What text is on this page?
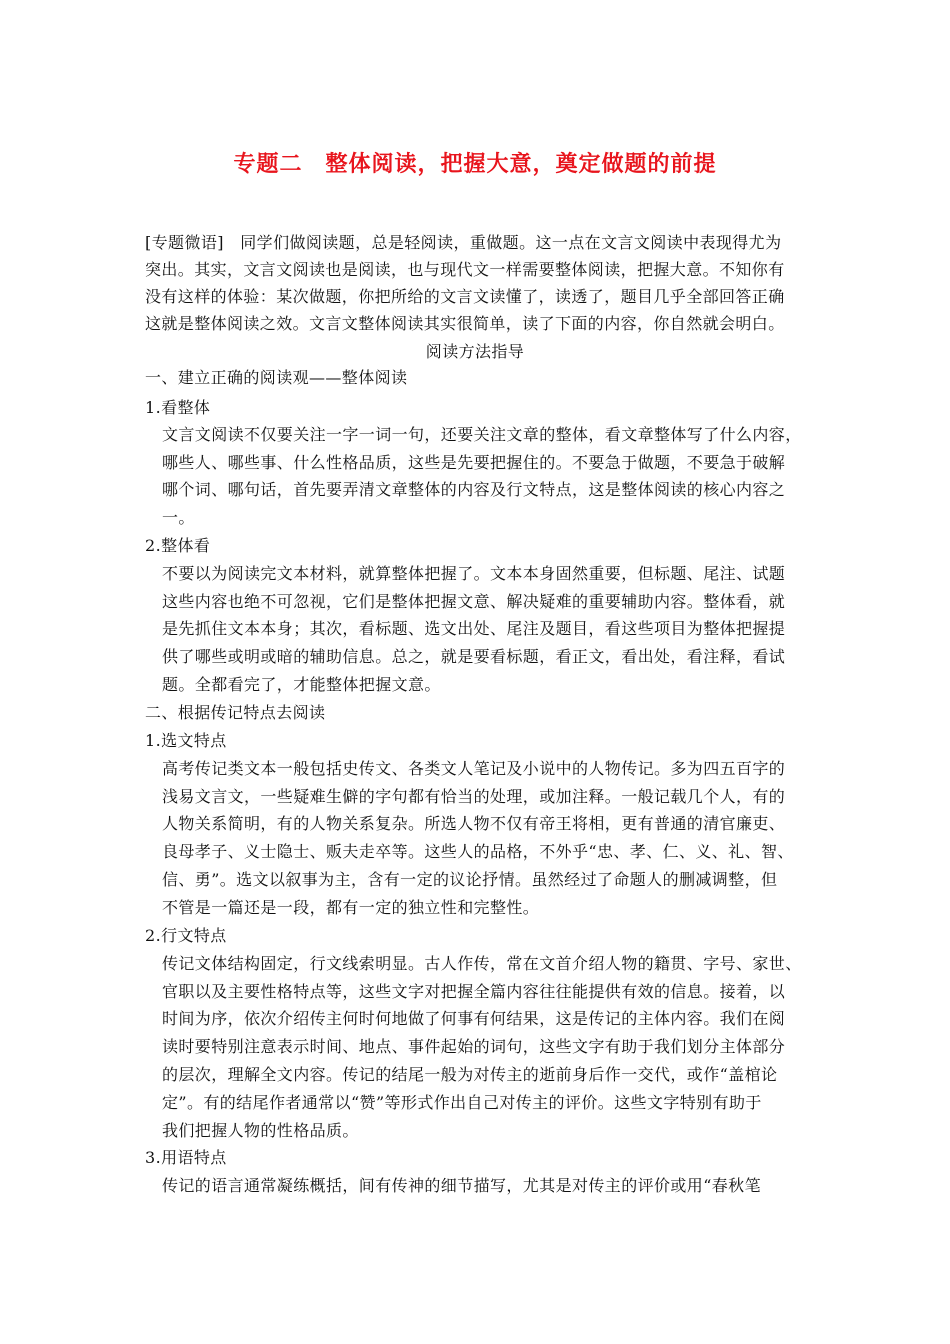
专题二　整体阅读，把握大意，奠定做题的前提
[专题微语]　同学们做阅读题，总是轻阅读，重做题。这一点在文言文阅读中表现得尤为
突出。其实，文言文阅读也是阅读，也与现代文一样需要整体阅读，把握大意。不知你有
没有这样的体验：某次做题，你把所给的文言文读懂了，读透了，题目几乎全部回答正确
这就是整体阅读之效。文言文整体阅读其实很简单，读了下面的内容，你自然就会明白。
阅读方法指导
一、建立正确的阅读观——整体阅读
1.看整体
文言文阅读不仅要关注一字一词一句，还要关注文章的整体，看文章整体写了什么内容，
哪些人、哪些事、什么性格品质，这些是先要把握住的。不要急于做题，不要急于破解
哪个词、哪句话，首先要弄清文章整体的内容及行文特点，这是整体阅读的核心内容之
一。
2.整体看
不要以为阅读完文本材料，就算整体把握了。文本本身固然重要，但标题、尾注、试题
这些内容也绝不可忽视，它们是整体把握文意、解决疑难的重要辅助内容。整体看，就
是先抓住文本本身；其次，看标题、选文出处、尾注及题目，看这些项目为整体把握提
供了哪些或明或暗的辅助信息。总之，就是要看标题，看正文，看出处，看注释，看试
题。全都看完了，才能整体把握文意。
二、根据传记特点去阅读
1.选文特点
高考传记类文本一般包括史传文、各类文人笔记及小说中的人物传记。多为四五百字的
浅易文言文，一些疑难生僻的字句都有恰当的处理，或加注释。一般记载几个人，有的
人物关系简明，有的人物关系复杂。所选人物不仅有帝王将相，更有普通的清官廉吏、
良母孝子、义士隐士、贩夫走卒等。这些人的品格，不外乎“忠、孝、仁、义、礼、智、
信、勇”。选文以叙事为主，含有一定的议论抒情。虽然经过了命题人的删减调整，但
不管是一篇还是一段，都有一定的独立性和完整性。
2.行文特点
传记文体结构固定，行文线索明显。古人作传，常在文首介绍人物的籍贯、字号、家世、
官职以及主要性格特点等，这些文字对把握全篇内容往往能提供有效的信息。接着，以
时间为序，依次介绍传主何时何地做了何事有何结果，这是传记的主体内容。我们在阅
读时要特别注意表示时间、地点、事件起始的词句，这些文字有助于我们划分主体部分
的层次，理解全文内容。传记的结尾一般为对传主的逝前身后作一交代，或作“盖棺论
定”。有的结尾作者通常以“赞”等形式作出自己对传主的评价。这些文字特别有助于
我们把握人物的性格品质。
3.用语特点
传记的语言通常凝练概括，间有传神的细节描写，尤其是对传主的评价或用“春秋笔
